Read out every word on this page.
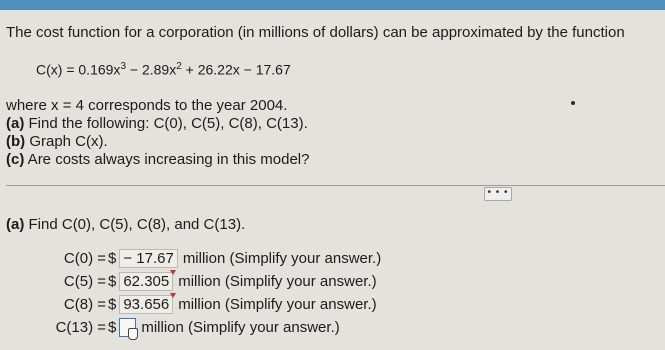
The cost function for a corporation (in millions of dollars) can be approximated by the function

$C(x) = 0.169x^3 - 2.89x^2 + 26.22x - 17.67$

where x = 4 corresponds to the year 2004.

(a) Find the following: C(0), C(5), C(8), C(13).

(b) Graph C(x).

(c) Are costs always increasing in this model?

• • •

(a) Find C(0), C(5), C(8), and C(13).

C(0) = $ − 17.67 million (Simplify your answer.)
C(5) = $ 62.305 million (Simplify your answer.)
C(8) = $ 93.656 million (Simplify your answer.)
C(13) = $ million (Simplify your answer.)
